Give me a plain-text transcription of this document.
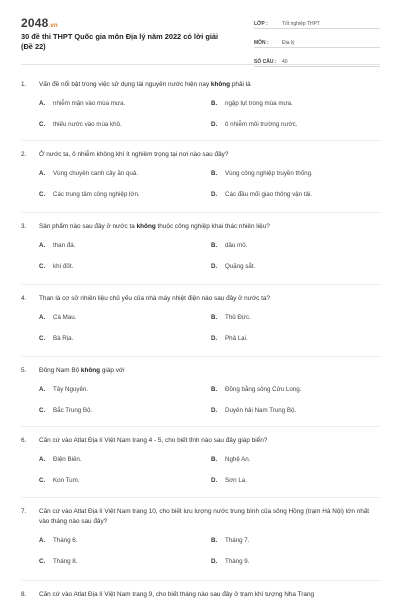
2048.vn
30 đề thi THPT Quốc gia môn Địa lý năm 2022 có lời giải (Đề 22)
LỚP :	Tốt nghiệp THPT
MÔN :	Địa lý
SỐ CÂU :	40
1.	Vấn đề nổi bật trong việc sử dụng tài nguyên nước hiện nay không phải là
A.	nhiễm mặn vào mùa mưa.	B.	ngập lụt trong mùa mưa.
C.	thiếu nước vào mùa khô.	D.	ô nhiễm môi trường nước.
2.	Ở nước ta, ô nhiễm không khí ít nghiêm trọng tại nơi nào sau đây?
A.	Vùng chuyên canh cây ăn quả.	B.	Vùng công nghiệp truyền thống.
C.	Các trung tâm công nghiệp lớn.	D.	Các đầu mối giao thông vận tải.
3.	Sản phẩm nào sau đây ở nước ta không thuộc công nghiệp khai thác nhiên liệu?
A.	than đá.	B.	dầu mỏ.
C.	khí đốt.	D.	Quặng sắt.
4.	Than là cơ sở nhiên liệu chủ yếu của nhà máy nhiệt điện nào sau đây ở nước ta?
A.	Cà Mau.	B.	Thủ Đức.
C.	Bà Rịa.	D.	Phả Lại.
5.	Đông Nam Bộ không giáp với
A.	Tây Nguyên.	B.	Đồng bằng sông Cửu Long.
C.	Bắc Trung Bộ.	D.	Duyên hải Nam Trung Bộ.
6.	Căn cứ vào Atlat Địa lí Việt Nam trang 4 - 5, cho biết tỉnh nào sau đây giáp biển?
A.	Điện Biên.	B.	Nghệ An.
C.	Kon Tum.	D.	Sơn La.
7.	Căn cứ vào Atlat Địa lí Việt Nam trang 10, cho biết lưu lượng nước trung bình của sông Hồng (trạm Hà Nội) lớn nhất vào tháng nào sau đây?
A.	Tháng 6.	B.	Tháng 7.
C.	Tháng 8.	D.	Tháng 9.
8.	Căn cứ vào Atlat Địa lí Việt Nam trang 9, cho biết tháng nào sau đây ở trạm khí tượng Nha Trang
